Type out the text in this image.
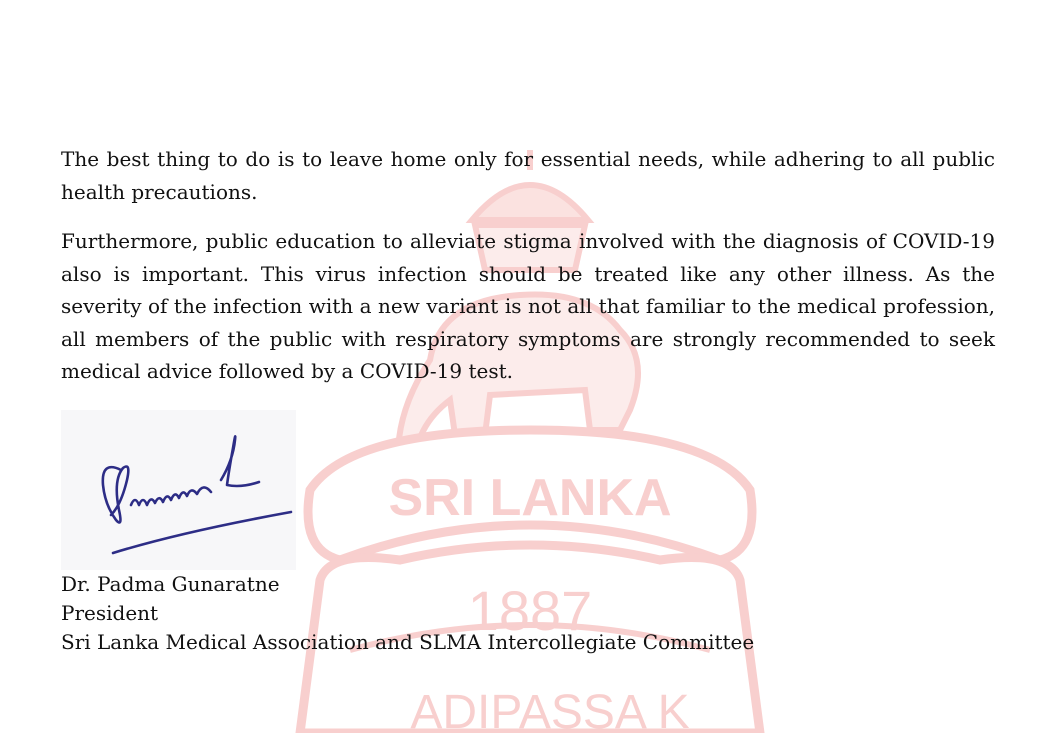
SRI LANKA
1887
ADIPASSA K

The best thing to do is to leave home only for essential needs, while adhering to all public health precautions.

Furthermore, public education to alleviate stigma involved with the diagnosis of COVID-19 also is important. This virus infection should be treated like any other illness. As the severity of the infection with a new variant is not all that familiar to the medical profession, all members of the public with respiratory symptoms are strongly recommended to seek medical advice followed by a COVID-19 test.

Dr. Padma Gunaratne
President
Sri Lanka Medical Association and SLMA Intercollegiate Committee
